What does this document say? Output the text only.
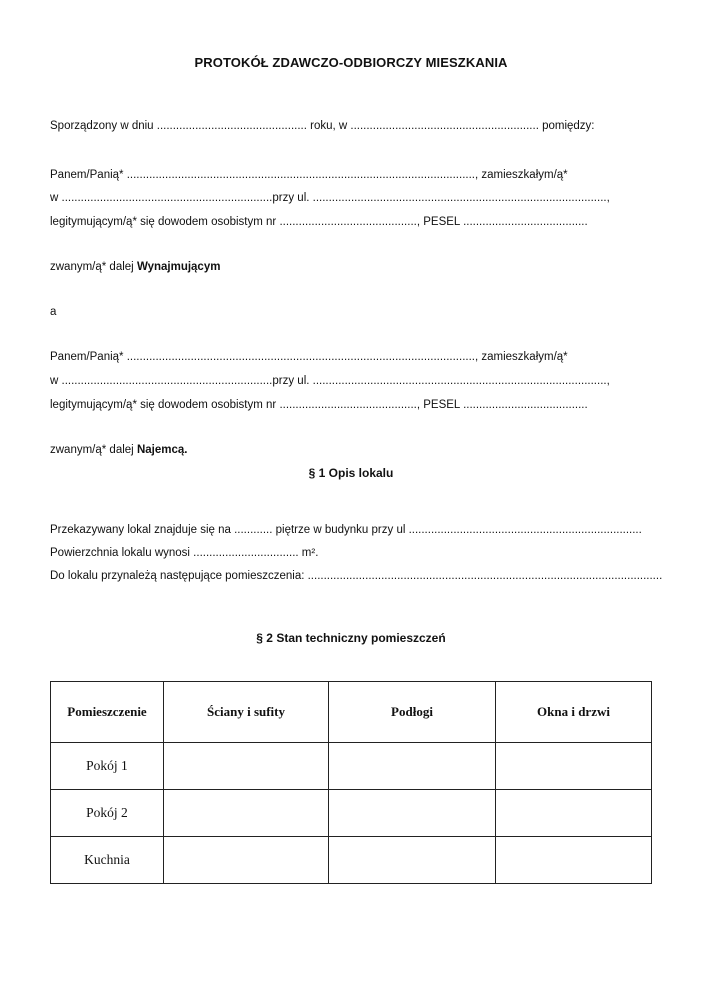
PROTOKÓŁ ZDAWCZO-ODBIORCZY MIESZKANIA
Sporządzony w dniu ............................................... roku, w ........................................................... pomiędzy:
Panem/Panią* ............................................................................................................., zamieszkałym/ą*
w ..................................................................przy ul. ............................................................................................,
legitymującym/ą* się dowodem osobistym nr ..........................................., PESEL .......................................
zwanym/ą* dalej Wynajmującym
a
Panem/Panią* ............................................................................................................., zamieszkałym/ą*
w ..................................................................przy ul. ............................................................................................,
legitymującym/ą* się dowodem osobistym nr ..........................................., PESEL .......................................
zwanym/ą* dalej Najemcą.
§ 1 Opis lokalu
Przekazywany lokal znajduje się na ............ piętrze w budynku przy ul .........................................................................
Powierzchnia lokalu wynosi ................................. m².
Do lokalu przynależą następujące pomieszczenia: ...............................................................................................................
§ 2 Stan techniczny pomieszczeń
Pomieszczenie	Ściany i sufity	Podłogi	Okna i drzwi
Pokój 1			
Pokój 2			
Kuchnia			
